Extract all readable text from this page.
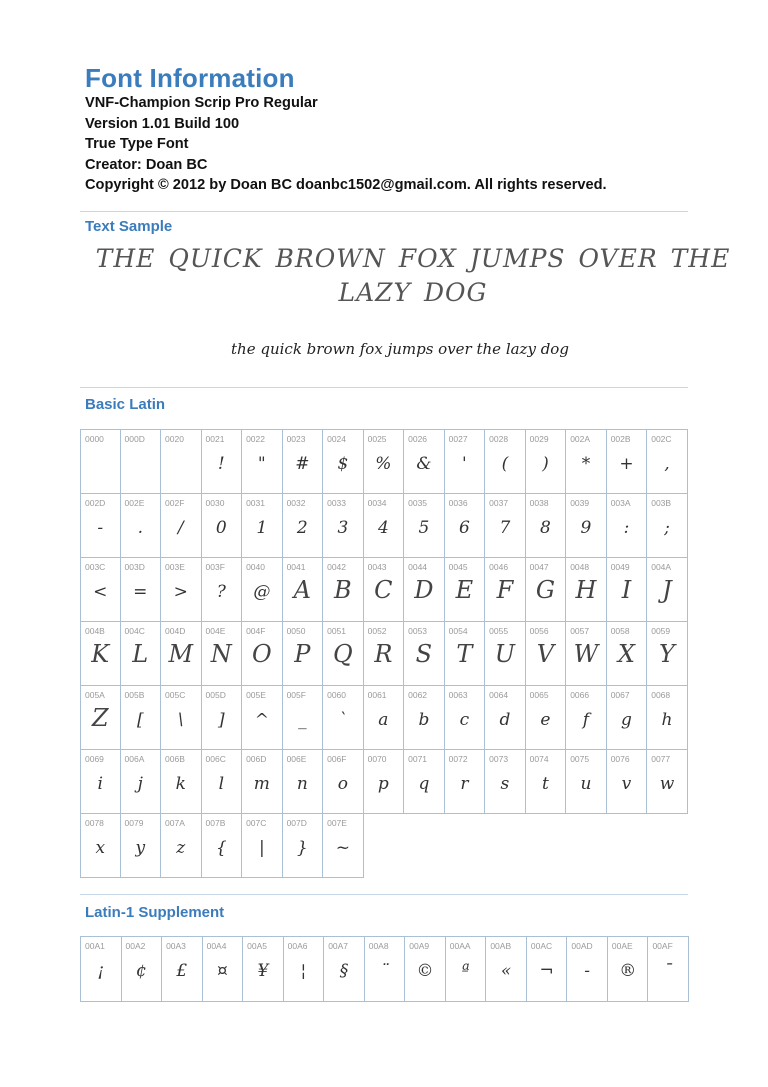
Font Information
VNF-Champion Scrip Pro Regular
Version 1.01 Build 100
True Type Font
Creator: Doan BC
Copyright © 2012 by Doan BC doanbc1502@gmail.com. All rights reserved.
Text Sample
THE QUICK BROWN FOX JUMPS OVER THE LAZY DOG
the quick brown fox jumps over the lazy dog
Basic Latin
0000 000D 0020	0021
!
0022
"
0023
#
0024
$
0025
%
0026
&
0027
'
0028
(
0029
)
002A
*
002B
+
002C
,
002D
-
002E
.
002F
/
0030
0
0031
1
0032
2
0033
3
0034
4
0035
5
0036
6
0037
7
0038
8
0039
9
003A
:
003B
;
003C
<
003D
=
003E
>
003F
?
0040
@
0041
A
0042
B
0043
C
0044
D
0045
E
0046
F
0047
G
0048
H
0049
I
004A
J
004B
K
004C
L
004D
M
004E
N
004F
O
0050
P
0051
Q
0052
R
0053
S
0054
T
0055
U
0056
V
0057
W
0058
X
0059
Y
005A
Z
005B
[
005C
\
005D
]
005E
^
005F
_
0060
`
0061
a
0062
b
0063
c
0064
d
0065
e
0066
f
0067
g
0068
h
0069
i
006A
j
006B
k
006C
l
006D
m
006E
n
006F
o
0070
p
0071
q
0072
r
0073
s
0074
t
0075
u
0076
v
0077
w
0078
x
0079
y
007A
z
007B
{
007C
|
007D
}
007E
~
Latin-1 Supplement
00A1
¡
00A2
¢
00A3
£
00A4
¤
00A5
¥
00A6
¦
00A7
§
00A8
¨
00A9
©
00AA
ª
00AB
«
00AC
¬
00AD
-
00AE
®
00AF
¯
